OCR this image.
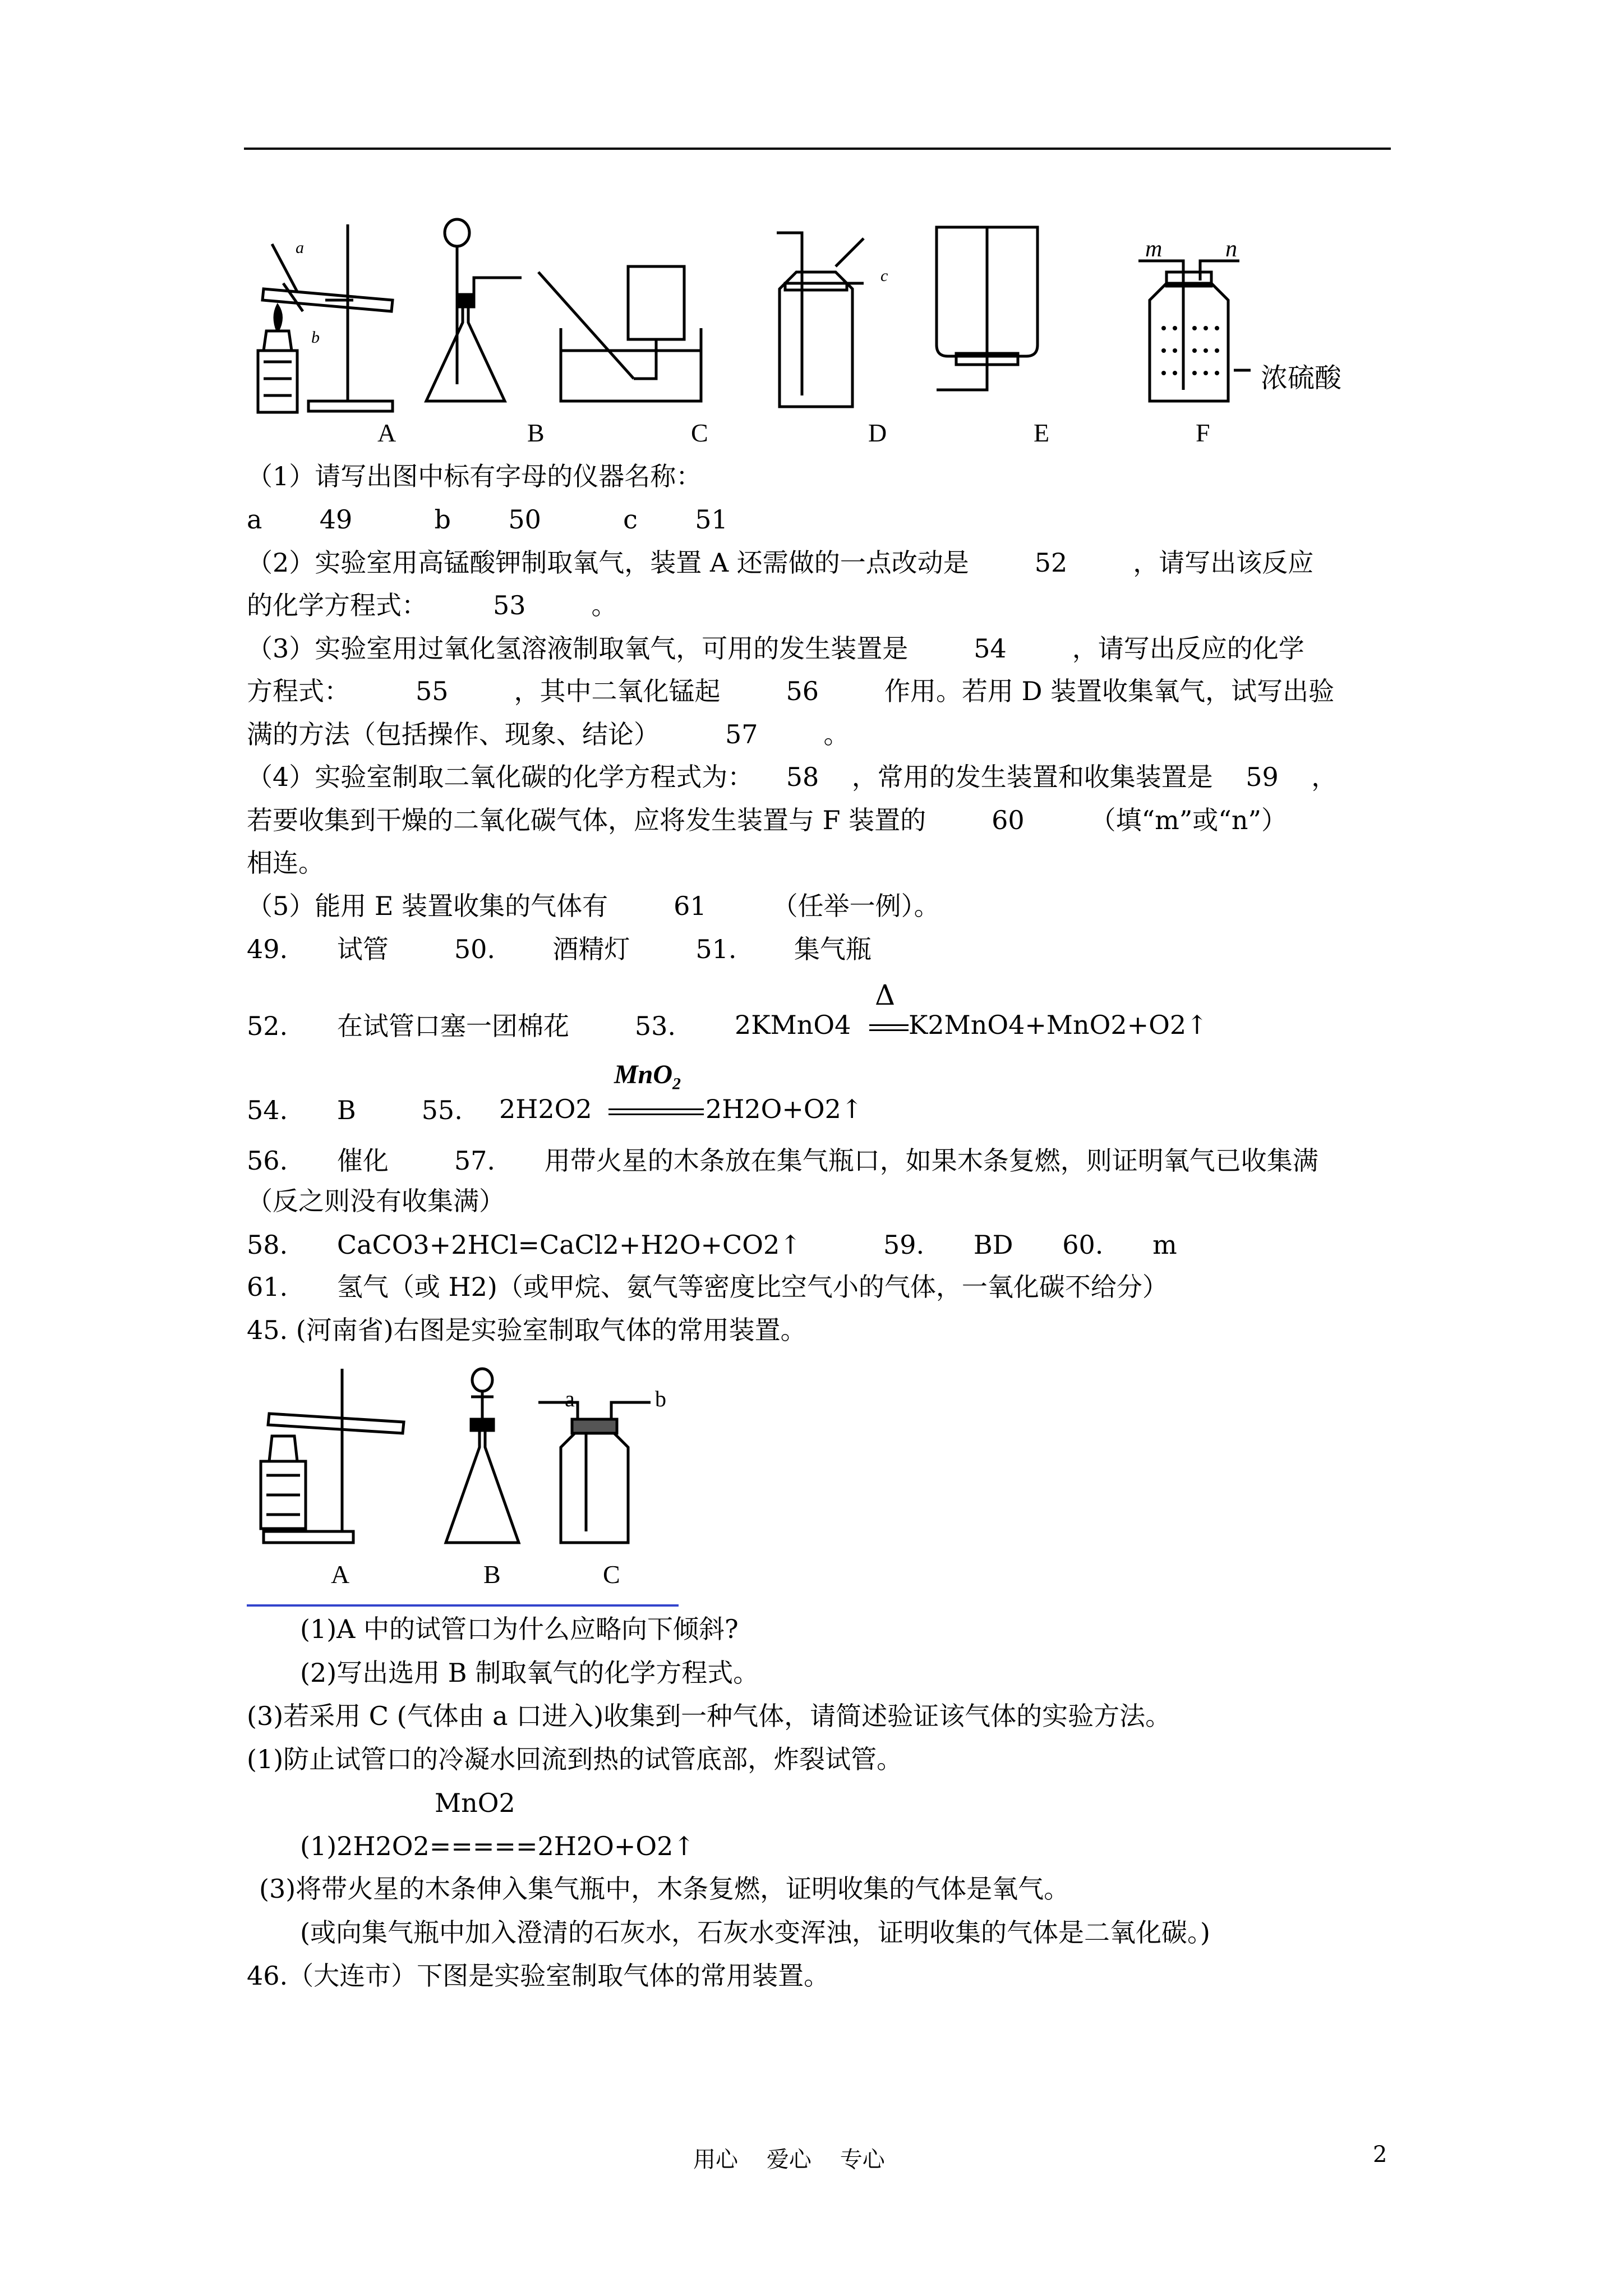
a
b
c
m	n
浓硫酸
A	B	C	D	E	F
（1）请写出图中标有字母的仪器名称：
a       49          b       50          c       51
（2）实验室用高锰酸钾制取氧气，装置 A 还需做的一点改动是        52        ，请写出该反应
的化学方程式：        53        。
（3）实验室用过氧化氢溶液制取氧气，可用的发生装置是        54        ，请写出反应的化学
方程式：        55        ，其中二氧化锰起        56        作用。若用 D 装置收集氧气，试写出验
满的方法（包括操作、现象、结论）        57        。
（4）实验室制取二氧化碳的化学方程式为：    58    ，常用的发生装置和收集装置是    59    ，
若要收集到干燥的二氧化碳气体，应将发生装置与 F 装置的        60        （填“m”或“n”）
相连。
（5）能用 E 装置收集的气体有        61        （任举一例）。
49.      试管        50.       酒精灯        51.       集气瓶
52.      在试管口塞一团棉花        53. 2KMnO4
Δ
K2MnO4+MnO2+O2↑
54.      B        55. 2H2O2
MnO$_2$
2H2O+O2↑
56.      催化        57.      用带火星的木条放在集气瓶口，如果木条复燃，则证明氧气已收集满
（反之则没有收集满）
58.      CaCO3+2HCl=CaCl2+H2O+CO2↑          59.      BD      60.      m
61.      氢气（或 H2)（或甲烷、氨气等密度比空气小的气体，一氧化碳不给分）
45. (河南省)右图是实验室制取气体的常用装置。
a	b
A	B	C
(1)A 中的试管口为什么应略向下倾斜?
(2)写出选用 B 制取氧气的化学方程式。
(3)若采用 C (气体由 a 口进入)收集到一种气体，请简述验证该气体的实验方法。
(1)防止试管口的冷凝水回流到热的试管底部，炸裂试管。
MnO2
(1)2H2O2=====2H2O+O2↑
(3)将带火星的木条伸入集气瓶中，木条复燃，证明收集的气体是氧气。
(或向集气瓶中加入澄清的石灰水，石灰水变浑浊，证明收集的气体是二氧化碳。)
46.（大连市）下图是实验室制取气体的常用装置。
用心    爱心    专心	2
